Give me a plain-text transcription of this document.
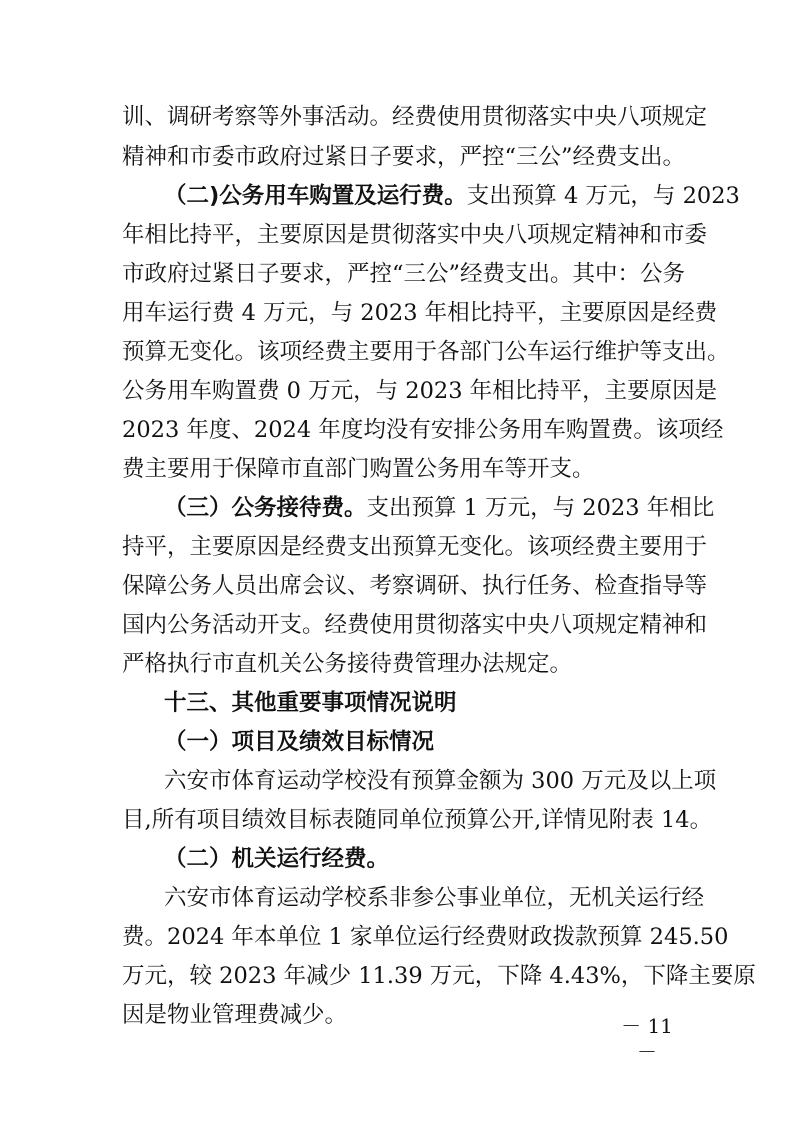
训、调研考察等外事活动。经费使用贯彻落实中央八项规定
精神和市委市政府过紧日子要求，严控“三公”经费支出。
（二)公务用车购置及运行费。支出预算 4 万元，与 2023
年相比持平，主要原因是贯彻落实中央八项规定精神和市委
市政府过紧日子要求，严控“三公”经费支出。其中：公务
用车运行费 4 万元，与 2023 年相比持平，主要原因是经费
预算无变化。该项经费主要用于各部门公车运行维护等支出。
公务用车购置费 0 万元，与 2023 年相比持平，主要原因是
2023 年度、2024 年度均没有安排公务用车购置费。该项经
费主要用于保障市直部门购置公务用车等开支。
（三）公务接待费。支出预算 1 万元，与 2023 年相比
持平，主要原因是经费支出预算无变化。该项经费主要用于
保障公务人员出席会议、考察调研、执行任务、检查指导等
国内公务活动开支。经费使用贯彻落实中央八项规定精神和
严格执行市直机关公务接待费管理办法规定。
十三、其他重要事项情况说明
（一）项目及绩效目标情况
六安市体育运动学校没有预算金额为 300 万元及以上项
目,所有项目绩效目标表随同单位预算公开,详情见附表 14。
（二）机关运行经费。
六安市体育运动学校系非参公事业单位，无机关运行经
费。2024 年本单位 1 家单位运行经费财政拨款预算 245.50
万元，较 2023 年减少 11.39 万元，下降 4.43%，下降主要原
因是物业管理费减少。	－ 11 －
